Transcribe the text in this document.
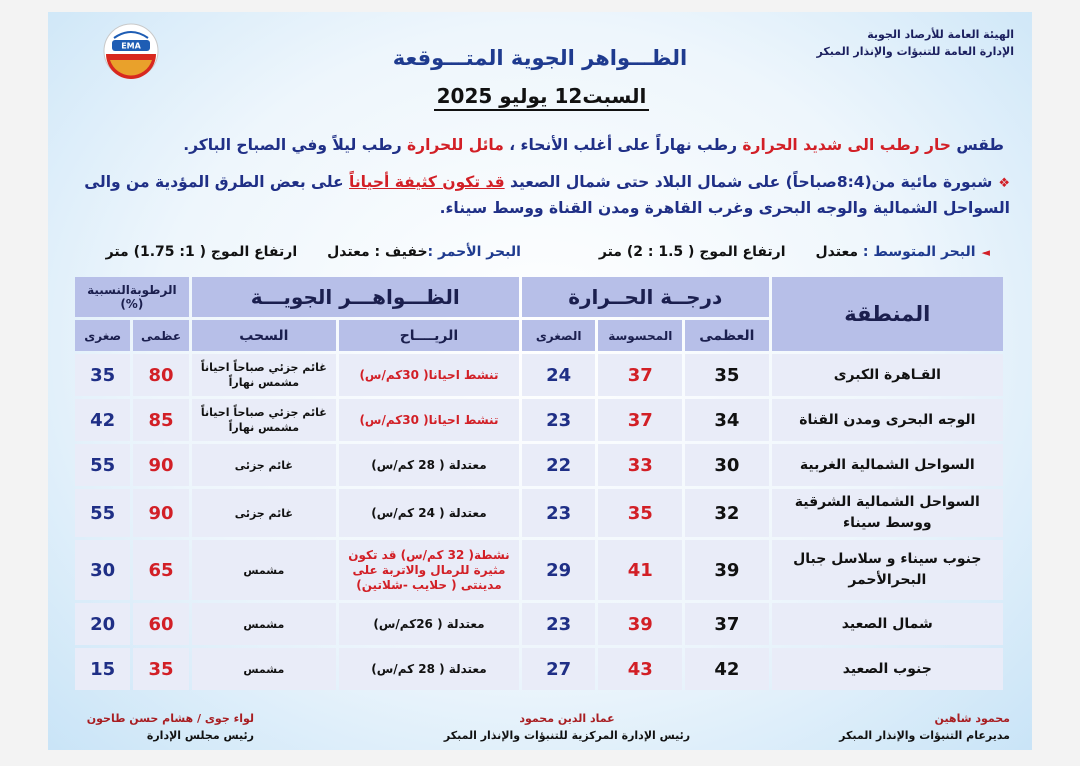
EMA
الهيئة العامة للأرصاد الجوية
الإدارة العامة للتنبؤات والإنذار المبكر
الظـــواهر الجوية المتـــوقعة
السبت12 يوليو 2025
طقس حار رطب الى شديد الحرارة رطب نهاراً على أغلب الأنحاء ، مائل للحرارة رطب ليلاً وفي الصباح الباكر.
❖شبورة مائية من(8:4صباحاً) على شمال البلاد حتى شمال الصعيد قد تكون كثيفة أحياناً على بعض الطرق المؤدية من والى السواحل الشمالية والوجه البحرى وغرب القاهرة ومدن القناة ووسط سيناء.
◄البحر المتوسط : معتدلارتفاع الموج ( 1.5 : 2) مترالبحر الأحمر :خفيف : معتدلارتفاع الموج ( 1: 1.75) متر
المنطقة	درجــة الحــرارة			الظـــواهـــر الجويـــة		الرطوبةالنسبية (%)	
	العظمى	المحسوسة	الصغرى	الريــــاح	السحب	عظمى	صغرى
القـاهرة الكبرى	35	37	24	تنشط احيانا( 30كم/س)	غائم جزئي صباحاً احياناً مشمس نهاراً	80	35
الوجه البحرى ومدن القناة	34	37	23	تنشط احيانا( 30كم/س)	غائم جزئي صباحاً احياناً مشمس نهاراً	85	42
السواحل الشمالية الغربية	30	33	22	معتدلة ( 28 كم/س)	غائم جزئى	90	55
السواحل الشمالية الشرقية ووسط سيناء	32	35	23	معتدلة ( 24 كم/س)	غائم جزئى	90	55
جنوب سيناء و سلاسل جبال البحرالأحمر	39	41	29	نشطة( 32 كم/س) قد تكون مثيرة للرمال والاتربة على مدينتى ( حلايب -شلاتين)	مشمس	65	30
شمال الصعيد	37	39	23	معتدلة ( 26كم/س)	مشمس	60	20
جنوب الصعيد	42	43	27	معتدلة ( 28 كم/س)	مشمس	35	15
محمود شاهين
مديرعام التنبؤات والإنذار المبكر
عماد الدين محمود
رئيس الإدارة المركزية للتنبؤات والإنذار المبكر
لواء جوى / هشام حسن طاحون
رئيس مجلس الإدارة
